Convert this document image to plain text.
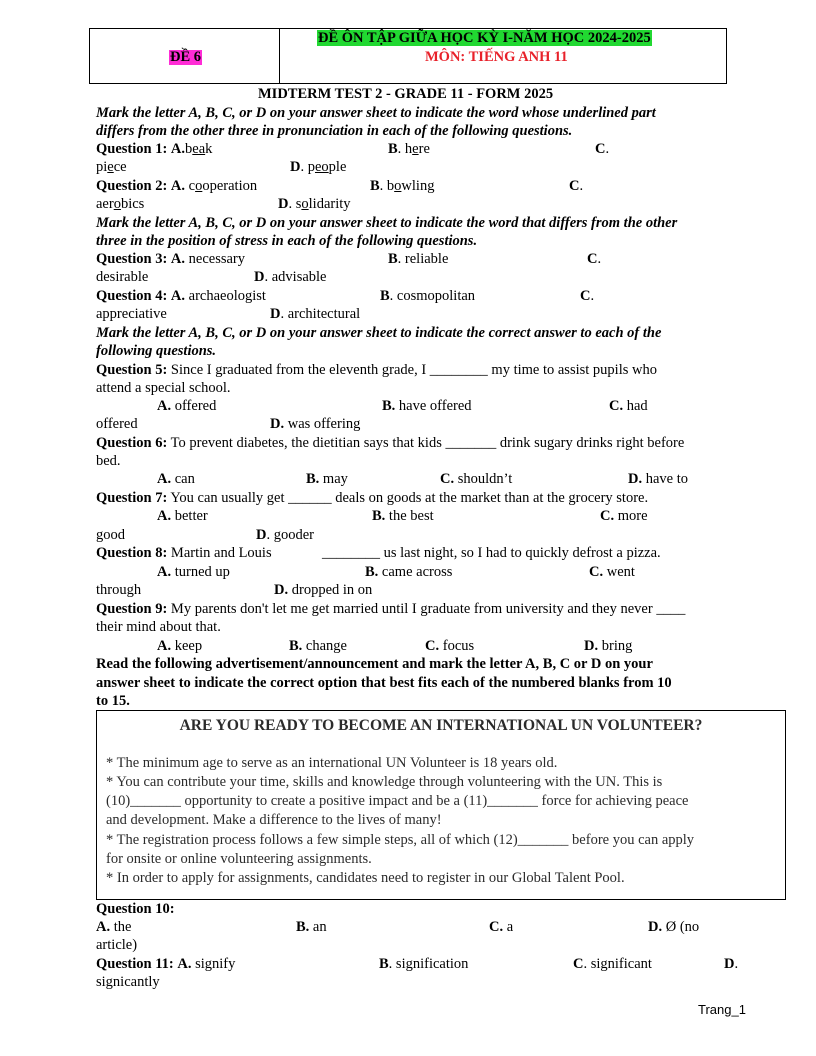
ĐỀ 6
ĐỀ ÔN TẬP GIỮA HỌC KỲ I-NĂM HỌC 2024-2025
MÔN: TIẾNG ANH 11
MIDTERM TEST 2 - GRADE 11 - FORM 2025
Mark the letter A, B, C, or D on your answer sheet to indicate the word whose underlined part
differs from the other three in pronunciation in each of the following questions.
Question 1: A.beak	B. here	C.
piece	D. people
Question 2: A. cooperation	B. bowling	C.
aerobics	D. solidarity
Mark the letter A, B, C, or D on your answer sheet to indicate the word that differs from the other
three in the position of stress in each of the following questions.
Question 3: A. necessary	B. reliable	C.
desirable	D. advisable
Question 4: A. archaeologist	B. cosmopolitan	C.
appreciative	D. architectural
Mark the letter A, B, C, or D on your answer sheet to indicate the correct answer to each of the
following questions.
Question 5: Since I graduated from the eleventh grade, I ________ my time to assist pupils who
attend a special school.
A. offered	B. have offered	C. had
offered	D. was offering
Question 6: To prevent diabetes, the dietitian says that kids _______ drink sugary drinks right before
bed.
A. can	B. may	C. shouldn’t	D. have to
Question 7: You can usually get ______ deals on goods at the market than at the grocery store.
A. better	B. the best	C. more
good	D. gooder
Question 8: Martin and Louis	________ us last night, so I had to quickly defrost a pizza.
A. turned up	B. came across	C. went
through	D. dropped in on
Question 9: My parents don't let me get married until I graduate from university and they never ____
their mind about that.
A. keep	B. change	C. focus	D. bring
Read the following advertisement/announcement and mark the letter A, B, C or D on your
answer sheet to indicate the correct option that best fits each of the numbered blanks from 10
to 15.
ARE YOU READY TO BECOME AN INTERNATIONAL UN VOLUNTEER?
* The minimum age to serve as an international UN Volunteer is 18 years old.
* You can contribute your time, skills and knowledge through volunteering with the UN. This is
(10)_______ opportunity to create a positive impact and be a (11)_______ force for achieving peace
and development. Make a difference to the lives of many!
* The registration process follows a few simple steps, all of which (12)_______ before you can apply
for onsite or online volunteering assignments.
* In order to apply for assignments, candidates need to register in our Global Talent Pool.
Question 10:
A. the	B. an	C. a	D. Ø (no
article)
Question 11: A. signify	B. signification	C. significant	D.
signicantly
Trang_1
